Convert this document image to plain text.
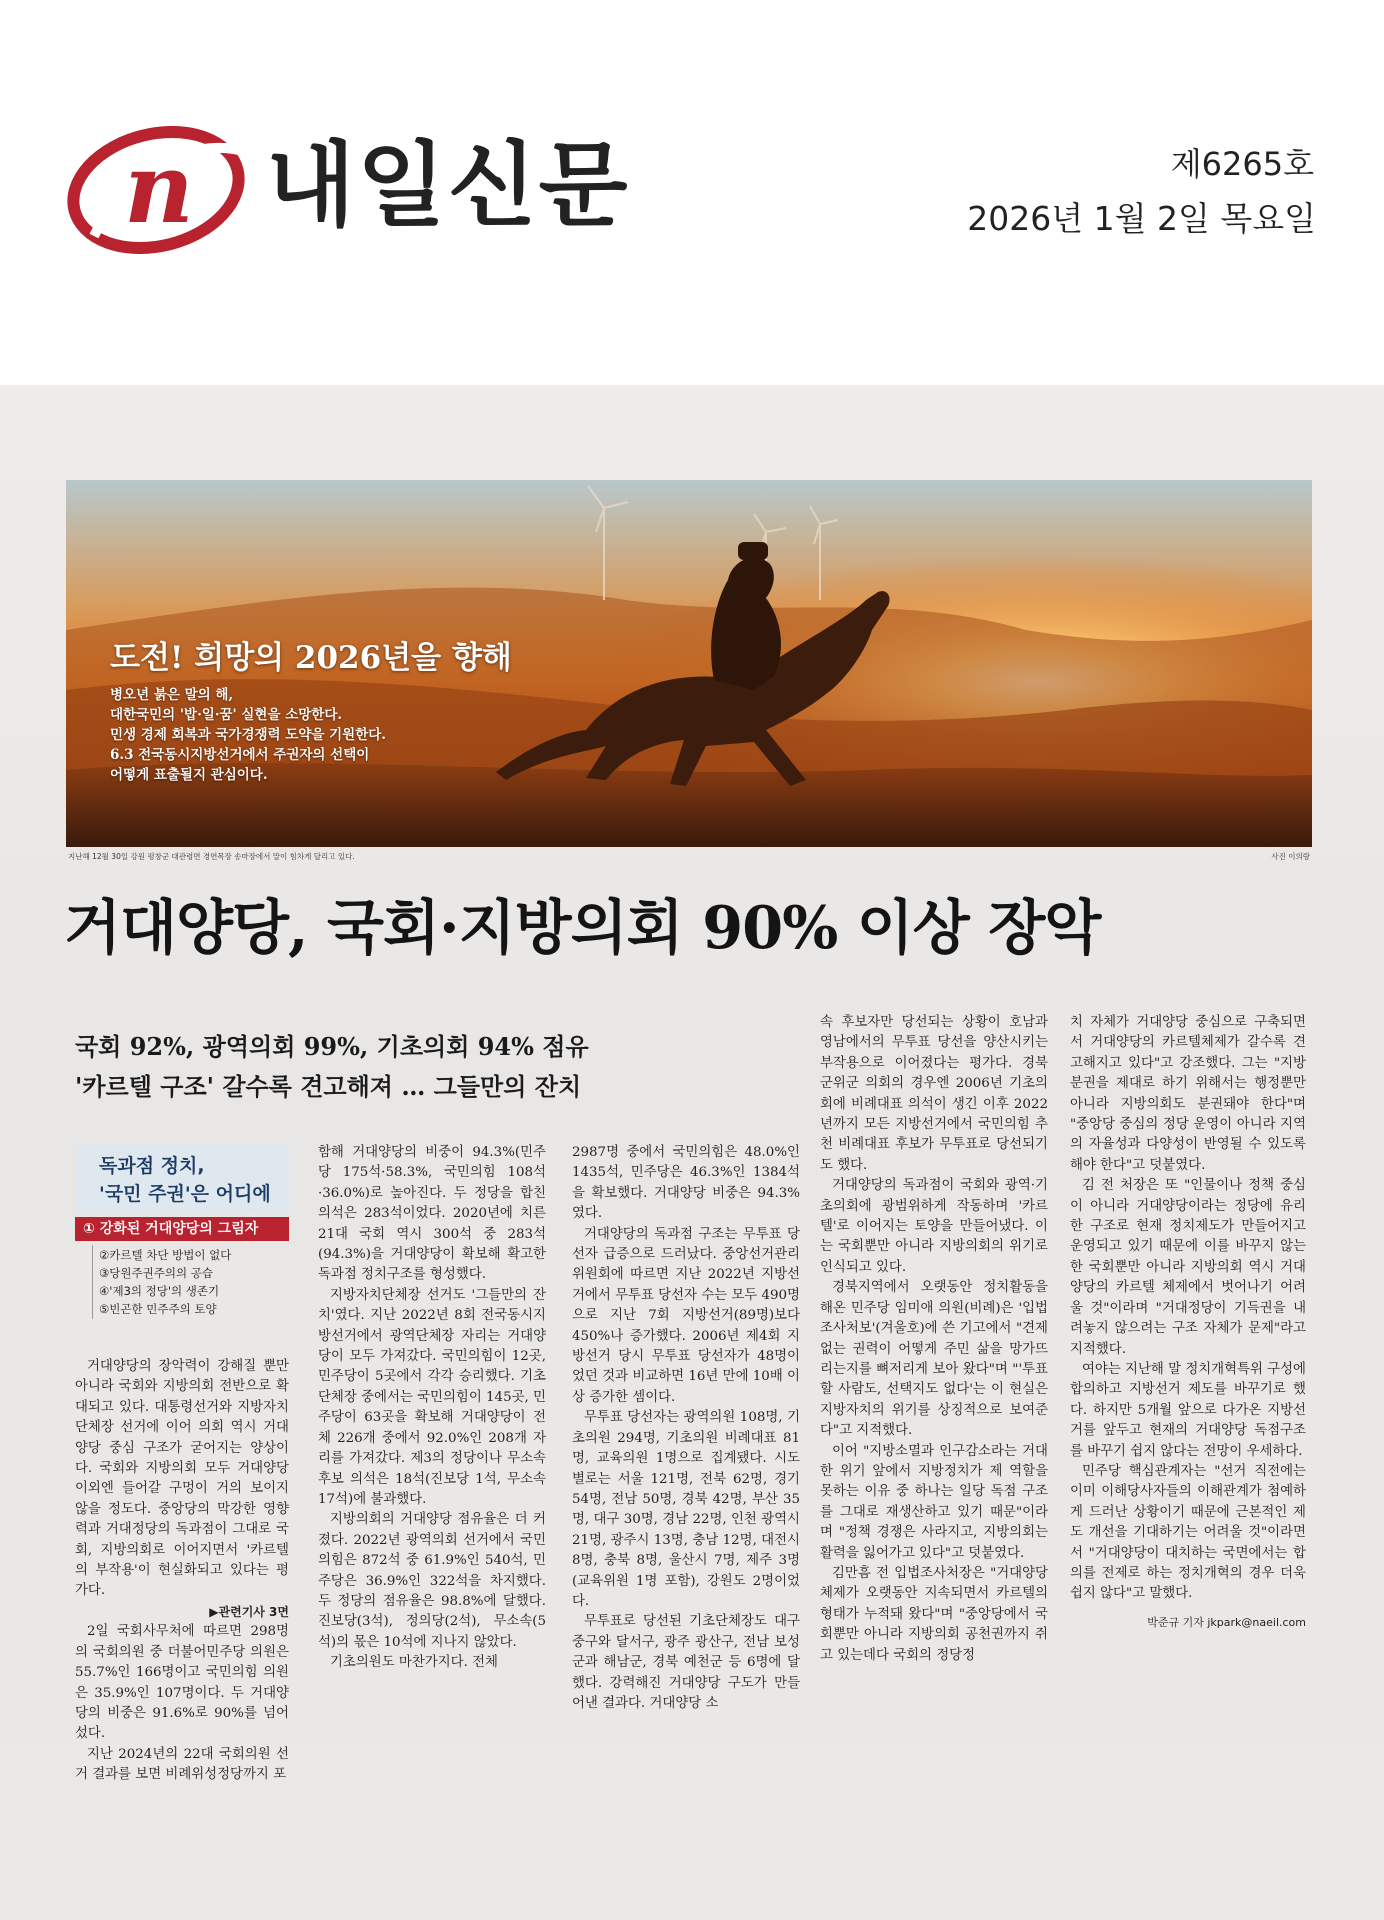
n 내일신문	제6265호
2026년 1월 2일 목요일
도전! 희망의 2026년을 향해
병오년 붉은 말의 해,
대한국민의 '밥·일·꿈' 실현을 소망한다.
민생 경제 회복과 국가경쟁력 도약을 기원한다.
6.3 전국동시지방선거에서 주권자의 선택이
어떻게 표출될지 관심이다.
지난해 12월 30일 강원 평창군 대관령면 경연목장 송마장에서 말이 힘차게 달리고 있다.	사진 이의랑
거대양당, 국회·지방의회 90% 이상 장악
국회 92%, 광역의회 99%, 기초의회 94% 점유
'카르텔 구조' 갈수록 견고해져 … 그들만의 잔치
독과점 정치,
'국민 주권'은 어디에
① 강화된 거대양당의 그림자
②카르텔 차단 방법이 없다
③당원주권주의의 공습
④'제3의 정당'의 생존기
⑤빈곤한 민주주의 토양

거대양당의 장악력이 강해질 뿐만 아니라 국회와 지방의회 전반으로 확대되고 있다. 대통령선거와 지방자치단체장 선거에 이어 의회 역시 거대양당 중심 구조가 굳어지는 양상이다. 국회와 지방의회 모두 거대양당 이외엔 들어갈 구멍이 거의 보이지 않을 정도다. 중앙당의 막강한 영향력과 거대정당의 독과점이 그대로 국회, 지방의회로 이어지면서 '카르텔의 부작용'이 현실화되고 있다는 평가다.

▶관련기사 3면

2일 국회사무처에 따르면 298명의 국회의원 중 더불어민주당 의원은 55.7%인 166명이고 국민의힘 의원은 35.9%인 107명이다. 두 거대양당의 비중은 91.6%로 90%를 넘어섰다.

지난 2024년의 22대 국회의원 선거 결과를 보면 비례위성정당까지 포

함해 거대양당의 비중이 94.3%(민주당 175석·58.3%, 국민의힘 108석·36.0%)로 높아진다. 두 정당을 합친 의석은 283석이었다. 2020년에 치른 21대 국회 역시 300석 중 283석(94.3%)을 거대양당이 확보해 확고한 독과점 정치구조를 형성했다.

지방자치단체장 선거도 '그들만의 잔치'였다. 지난 2022년 8회 전국동시지방선거에서 광역단체장 자리는 거대양당이 모두 가져갔다. 국민의힘이 12곳, 민주당이 5곳에서 각각 승리했다. 기초단체장 중에서는 국민의힘이 145곳, 민주당이 63곳을 확보해 거대양당이 전체 226개 중에서 92.0%인 208개 자리를 가져갔다. 제3의 정당이나 무소속 후보 의석은 18석(진보당 1석, 무소속 17석)에 불과했다.

지방의회의 거대양당 점유율은 더 커졌다. 2022년 광역의회 선거에서 국민의힘은 872석 중 61.9%인 540석, 민주당은 36.9%인 322석을 차지했다. 두 정당의 점유율은 98.8%에 달했다. 진보당(3석), 정의당(2석), 무소속(5석)의 몫은 10석에 지나지 않았다.

기초의원도 마찬가지다. 전체

2987명 중에서 국민의힘은 48.0%인 1435석, 민주당은 46.3%인 1384석을 확보했다. 거대양당 비중은 94.3%였다.

거대양당의 독과점 구조는 무투표 당선자 급증으로 드러났다. 중앙선거관리위원회에 따르면 지난 2022년 지방선거에서 무투표 당선자 수는 모두 490명으로 지난 7회 지방선거(89명)보다 450%나 증가했다. 2006년 제4회 지방선거 당시 무투표 당선자가 48명이었던 것과 비교하면 16년 만에 10배 이상 증가한 셈이다.

무투표 당선자는 광역의원 108명, 기초의원 294명, 기초의원 비례대표 81명, 교육의원 1명으로 집계됐다. 시도별로는 서울 121명, 전북 62명, 경기 54명, 전남 50명, 경북 42명, 부산 35명, 대구 30명, 경남 22명, 인천 광역시 21명, 광주시 13명, 충남 12명, 대전시 8명, 충북 8명, 울산시 7명, 제주 3명(교육위원 1명 포함), 강원도 2명이었다.

무투표로 당선된 기초단체장도 대구 중구와 달서구, 광주 광산구, 전남 보성군과 해남군, 경북 예천군 등 6명에 달했다. 강력해진 거대양당 구도가 만들어낸 결과다. 거대양당 소

속 후보자만 당선되는 상황이 호남과 영남에서의 무투표 당선을 양산시키는 부작용으로 이어졌다는 평가다. 경북 군위군 의회의 경우엔 2006년 기초의회에 비례대표 의석이 생긴 이후 2022년까지 모든 지방선거에서 국민의힘 추천 비례대표 후보가 무투표로 당선되기도 했다.

거대양당의 독과점이 국회와 광역·기초의회에 광범위하게 작동하며 '카르텔'로 이어지는 토양을 만들어냈다. 이는 국회뿐만 아니라 지방의회의 위기로 인식되고 있다.

경북지역에서 오랫동안 정치활동을 해온 민주당 임미애 의원(비례)은 '입법조사처보'(겨울호)에 쓴 기고에서 "견제 없는 권력이 어떻게 주민 삶을 망가뜨리는지를 뼈저리게 보아 왔다"며 "'투표할 사람도, 선택지도 없다'는 이 현실은 지방자치의 위기를 상징적으로 보여준다"고 지적했다.

이어 "지방소멸과 인구감소라는 거대한 위기 앞에서 지방정치가 제 역할을 못하는 이유 중 하나는 일당 독점 구조를 그대로 재생산하고 있기 때문"이라며 "정책 경쟁은 사라지고, 지방의회는 활력을 잃어가고 있다"고 덧붙였다.

김만흠 전 입법조사처장은 "거대양당 체제가 오랫동안 지속되면서 카르텔의 형태가 누적돼 왔다"며 "중앙당에서 국회뿐만 아니라 지방의회 공천권까지 쥐고 있는데다 국회의 정당정

치 자체가 거대양당 중심으로 구축되면서 거대양당의 카르텔체제가 갈수록 견고해지고 있다"고 강조했다. 그는 "지방분권을 제대로 하기 위해서는 행정뿐만 아니라 지방의회도 분권돼야 한다"며 "중앙당 중심의 정당 운영이 아니라 지역의 자율성과 다양성이 반영될 수 있도록 해야 한다"고 덧붙였다.

김 전 처장은 또 "인물이나 정책 중심이 아니라 거대양당이라는 정당에 유리한 구조로 현재 정치제도가 만들어지고 운영되고 있기 때문에 이를 바꾸지 않는 한 국회뿐만 아니라 지방의회 역시 거대양당의 카르텔 체제에서 벗어나기 어려울 것"이라며 "거대정당이 기득권을 내려놓지 않으려는 구조 자체가 문제"라고 지적했다.

여야는 지난해 말 정치개혁특위 구성에 합의하고 지방선거 제도를 바꾸기로 했다. 하지만 5개월 앞으로 다가온 지방선거를 앞두고 현재의 거대양당 독점구조를 바꾸기 쉽지 않다는 전망이 우세하다.

민주당 핵심관계자는 "선거 직전에는 이미 이해당사자들의 이해관계가 첨예하게 드러난 상황이기 때문에 근본적인 제도 개선을 기대하기는 어려울 것"이라면서 "거대양당이 대치하는 국면에서는 합의를 전제로 하는 정치개혁의 경우 더욱 쉽지 않다"고 말했다.

박준규 기자 jkpark@naeil.com
